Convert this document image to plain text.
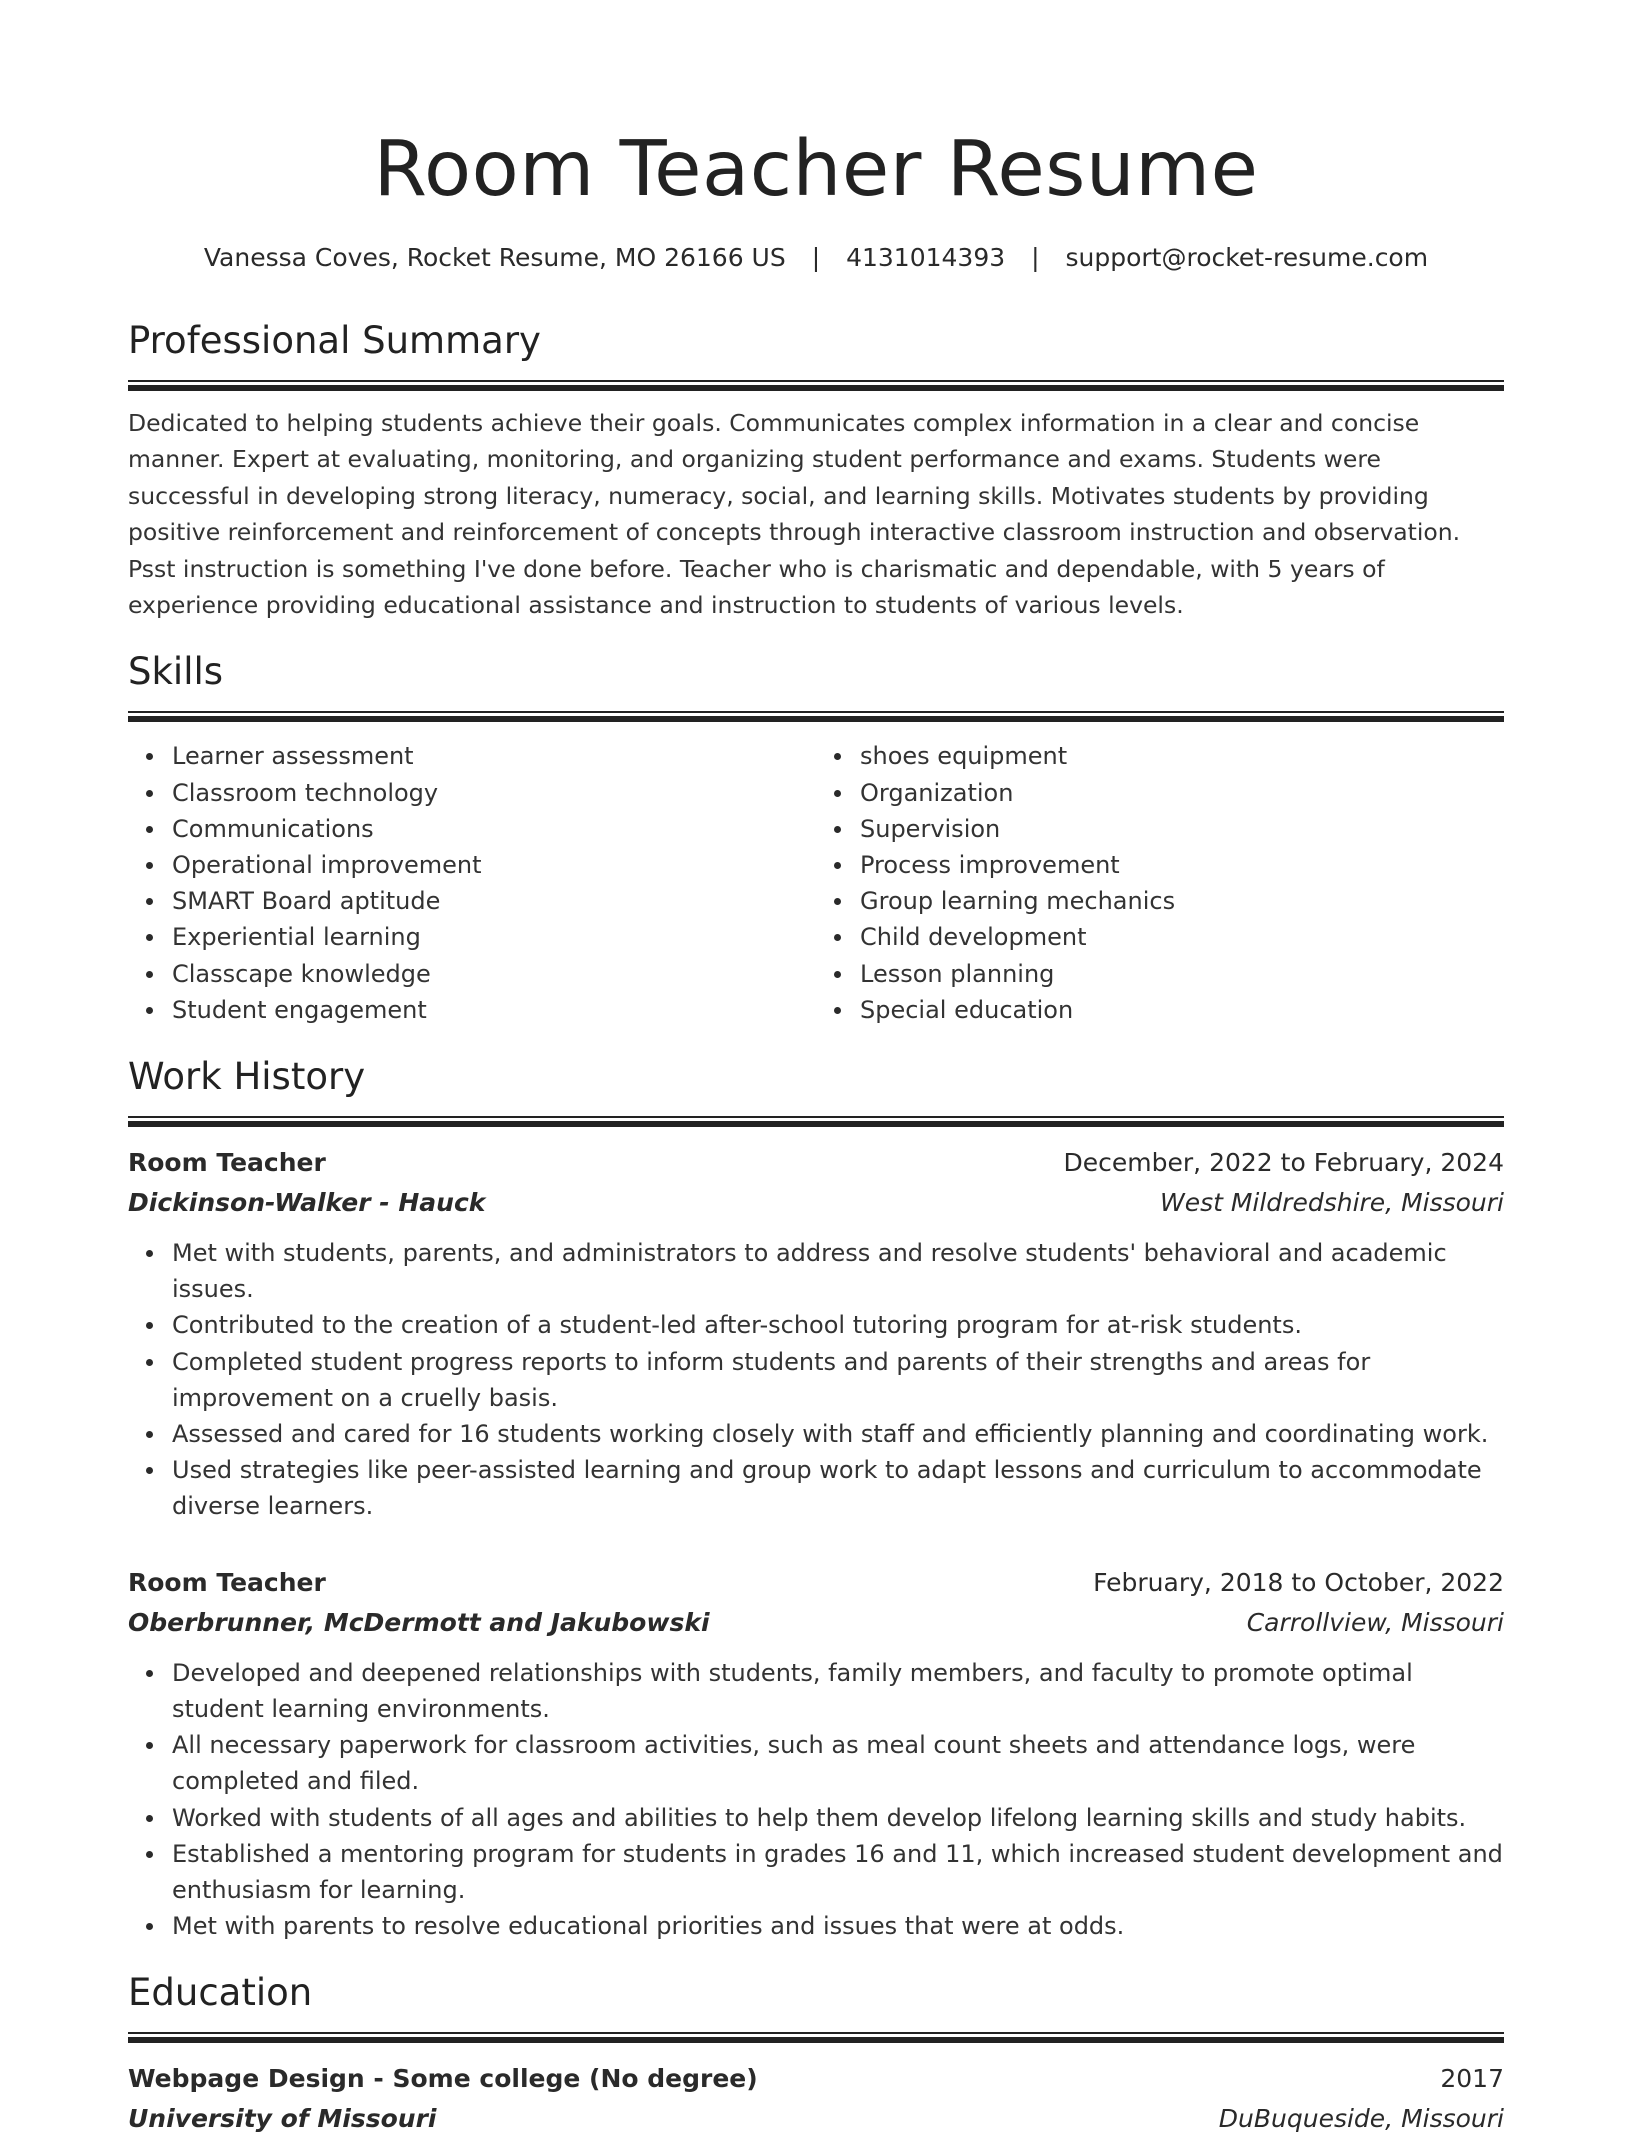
Room Teacher Resume
Vanessa Coves, Rocket Resume, MO 26166 US | 4131014393 | support@rocket-resume.com
Professional Summary
Dedicated to helping students achieve their goals. Communicates complex information in a clear and concise manner. Expert at evaluating, monitoring, and organizing student performance and exams. Students were successful in developing strong literacy, numeracy, social, and learning skills. Motivates students by providing positive reinforcement and reinforcement of concepts through interactive classroom instruction and observation. Psst instruction is something I've done before. Teacher who is charismatic and dependable, with 5 years of experience providing educational assistance and instruction to students of various levels.
Skills
Learner assessment
Classroom technology
Communications
Operational improvement
SMART Board aptitude
Experiential learning
Classcape knowledge
Student engagement
shoes equipment
Organization
Supervision
Process improvement
Group learning mechanics
Child development
Lesson planning
Special education
Work History
Room Teacher	December, 2022 to February, 2024
Dickinson-Walker - Hauck	West Mildredshire, Missouri
Met with students, parents, and administrators to address and resolve students' behavioral and academic issues.
Contributed to the creation of a student-led after-school tutoring program for at-risk students.
Completed student progress reports to inform students and parents of their strengths and areas for improvement on a cruelly basis.
Assessed and cared for 16 students working closely with staff and efficiently planning and coordinating work.
Used strategies like peer-assisted learning and group work to adapt lessons and curriculum to accommodate diverse learners.
Room Teacher	February, 2018 to October, 2022
Oberbrunner, McDermott and Jakubowski	Carrollview, Missouri
Developed and deepened relationships with students, family members, and faculty to promote optimal student learning environments.
All necessary paperwork for classroom activities, such as meal count sheets and attendance logs, were completed and filed.
Worked with students of all ages and abilities to help them develop lifelong learning skills and study habits.
Established a mentoring program for students in grades 16 and 11, which increased student development and enthusiasm for learning.
Met with parents to resolve educational priorities and issues that were at odds.
Education
Webpage Design - Some college (No degree)	2017
University of Missouri	DuBuqueside, Missouri
